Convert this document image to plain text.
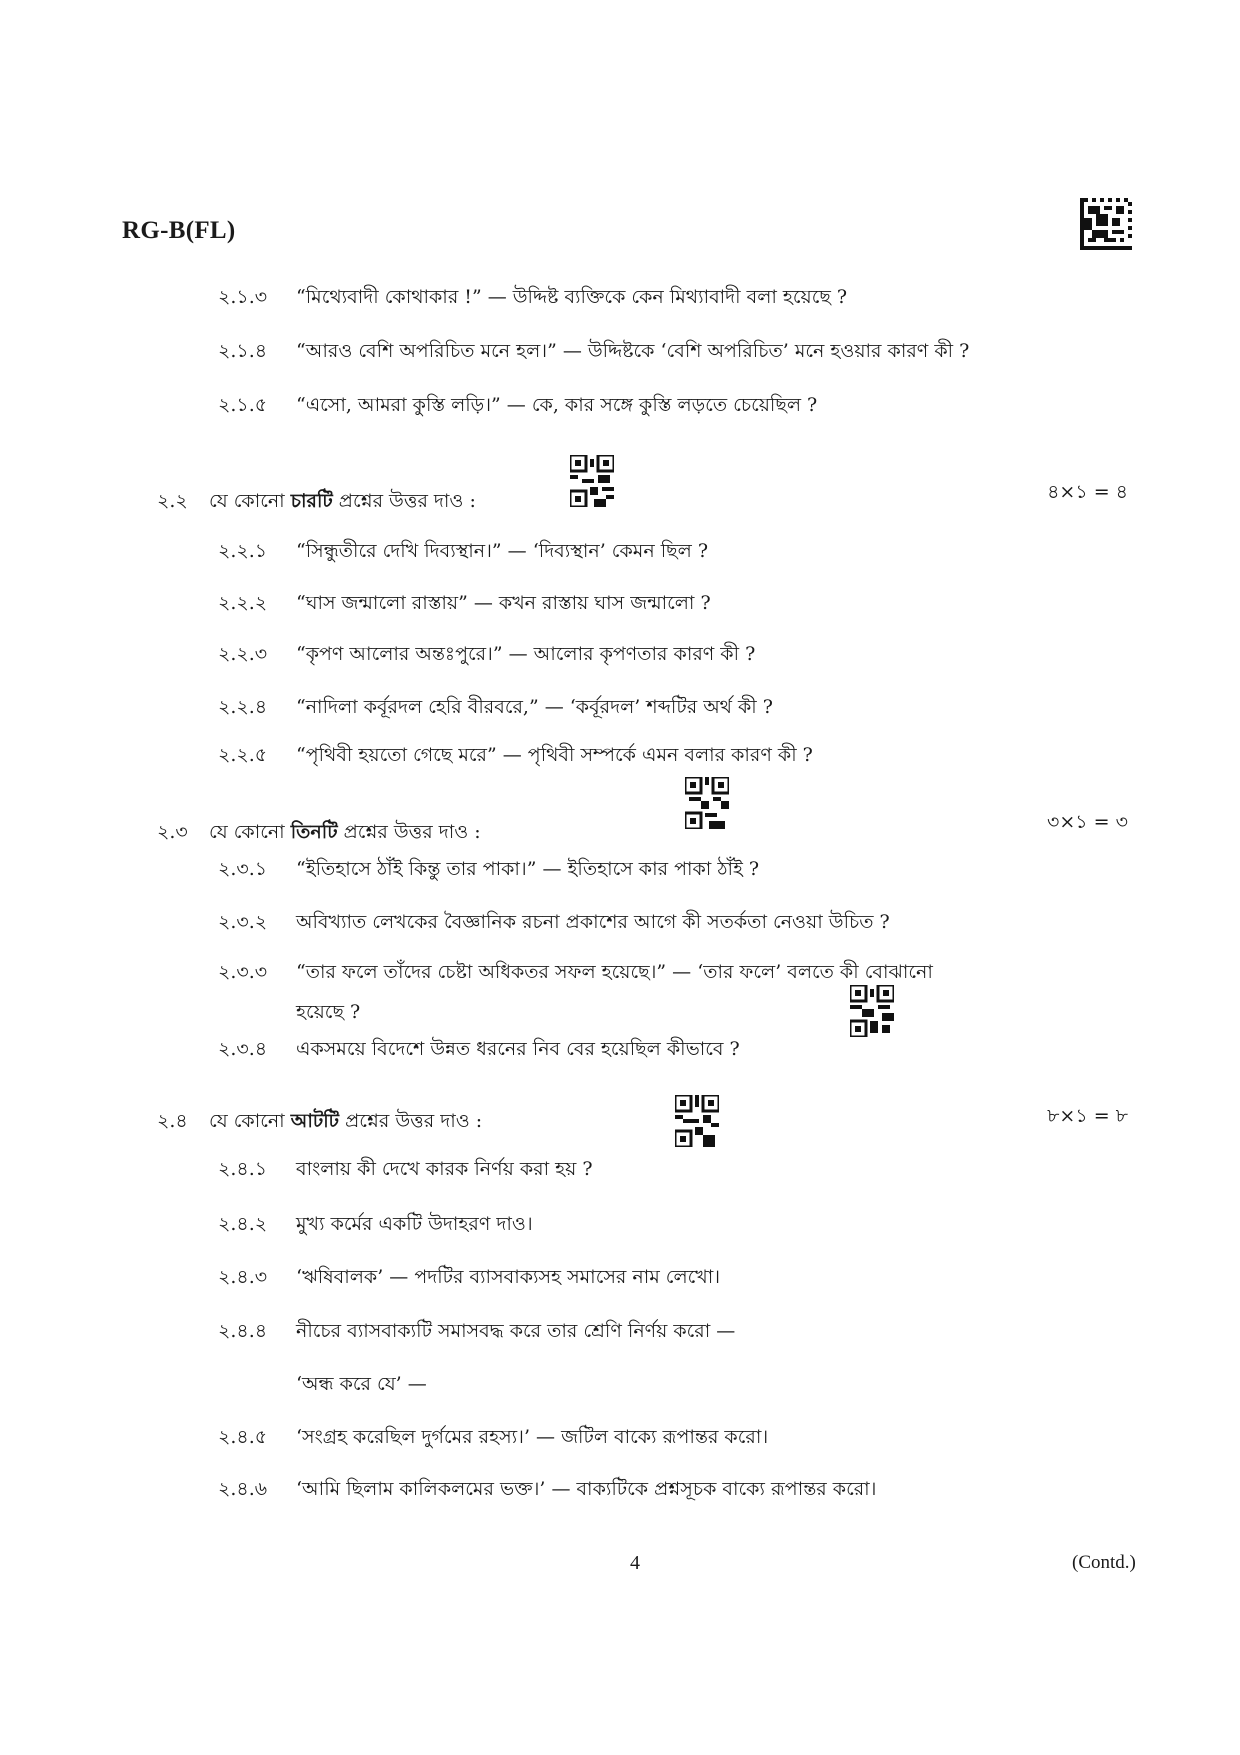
RG-B(FL)
২.১.৩ “মিথ্যেবাদী কোথাকার !” — উদ্দিষ্ট ব্যক্তিকে কেন মিথ্যাবাদী বলা হয়েছে ?
২.১.৪ “আরও বেশি অপরিচিত মনে হল।” — উদ্দিষ্টকে ‘বেশি অপরিচিত’ মনে হওয়ার কারণ কী ?
২.১.৫ “এসো, আমরা কুস্তি লড়ি।” — কে, কার সঙ্গে কুস্তি লড়তে চেয়েছিল ?
২.২ যে কোনো চারটি প্রশ্নের উত্তর দাও :	৪×১ = ৪
২.২.১ “সিন্ধুতীরে দেখি দিব্যস্থান।” — ‘দিব্যস্থান’ কেমন ছিল ?
২.২.২ “ঘাস জন্মালো রাস্তায়” — কখন রাস্তায় ঘাস জন্মালো ?
২.২.৩ “কৃপণ আলোর অন্তঃপুরে।” — আলোর কৃপণতার কারণ কী ?
২.২.৪ “নাদিলা কর্বূরদল হেরি বীরবরে,” — ‘কর্বূরদল’ শব্দটির অর্থ কী ?
২.২.৫ “পৃথিবী হয়তো গেছে মরে” — পৃথিবী সম্পর্কে এমন বলার কারণ কী ?
২.৩ যে কোনো তিনটি প্রশ্নের উত্তর দাও :	৩×১ = ৩
২.৩.১ “ইতিহাসে ঠাঁই কিন্তু তার পাকা।” — ইতিহাসে কার পাকা ঠাঁই ?
২.৩.২ অবিখ্যাত লেখকের বৈজ্ঞানিক রচনা প্রকাশের আগে কী সতর্কতা নেওয়া উচিত ?
২.৩.৩ “তার ফলে তাঁদের চেষ্টা অধিকতর সফল হয়েছে।” — ‘তার ফলে’ বলতে কী বোঝানো
হয়েছে ?
২.৩.৪ একসময়ে বিদেশে উন্নত ধরনের নিব বের হয়েছিল কীভাবে ?
২.৪ যে কোনো আটটি প্রশ্নের উত্তর দাও :	৮×১ = ৮
২.৪.১ বাংলায় কী দেখে কারক নির্ণয় করা হয় ?
২.৪.২ মুখ্য কর্মের একটি উদাহরণ দাও।
২.৪.৩ ‘ঋষিবালক’ — পদটির ব্যাসবাক্যসহ সমাসের নাম লেখো।
২.৪.৪ নীচের ব্যাসবাক্যটি সমাসবদ্ধ করে তার শ্রেণি নির্ণয় করো —
‘অন্ধ করে যে’ —
২.৪.৫ ‘সংগ্রহ করেছিল দুর্গমের রহস্য।’ — জটিল বাক্যে রূপান্তর করো।
২.৪.৬ ‘আমি ছিলাম কালিকলমের ভক্ত।’ — বাক্যটিকে প্রশ্নসূচক বাক্যে রূপান্তর করো।
4	(Contd.)
